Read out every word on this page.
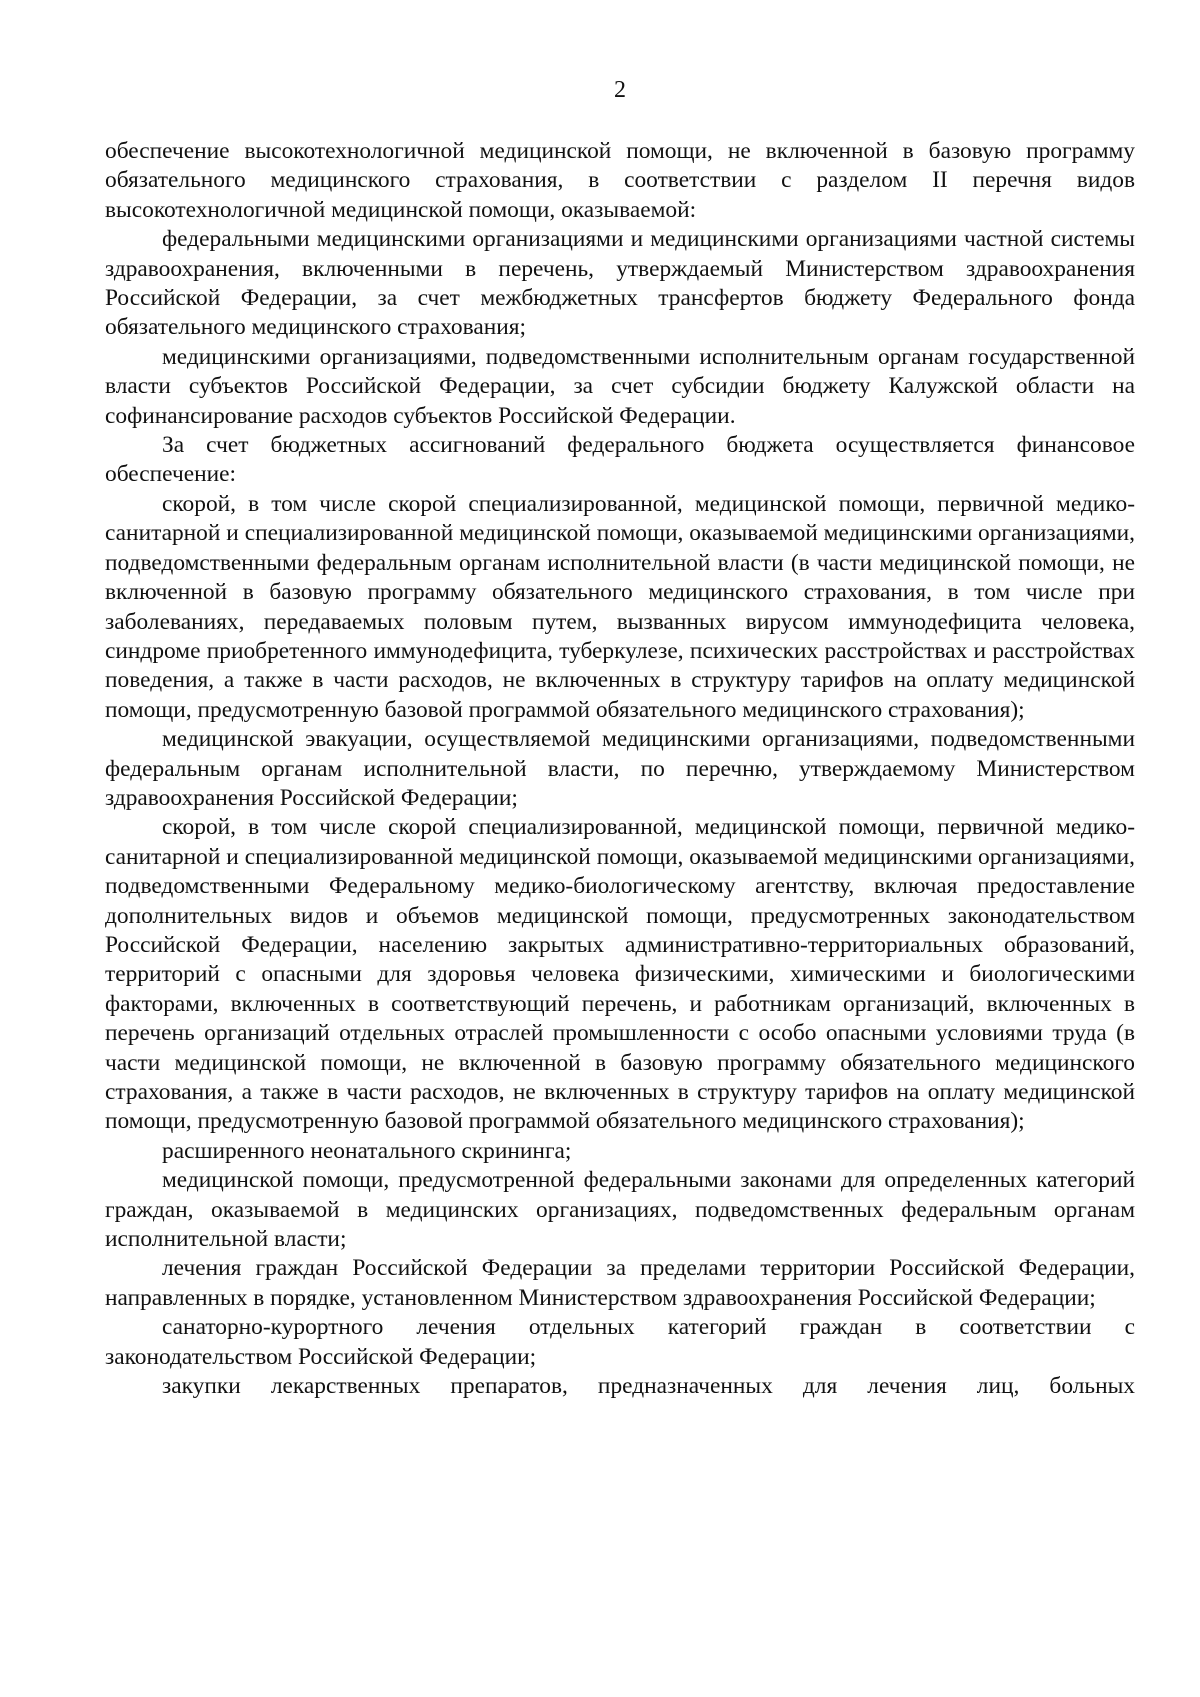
2

обеспечение высокотехнологичной медицинской помощи, не включенной в базовую программу обязательного медицинского страхования, в соответствии с разделом II перечня видов высокотехнологичной медицинской помощи, оказываемой:

федеральными медицинскими организациями и медицинскими организациями частной системы здравоохранения, включенными в перечень, утверждаемый Министерством здравоохранения Российской Федерации, за счет межбюджетных трансфертов бюджету Федерального фонда обязательного медицинского страхования;

медицинскими организациями, подведомственными исполнительным органам государственной власти субъектов Российской Федерации, за счет субсидии бюджету Калужской области на софинансирование расходов субъектов Российской Федерации.

За счет бюджетных ассигнований федерального бюджета осуществляется финансовое обеспечение:

скорой, в том числе скорой специализированной, медицинской помощи, первичной медико-санитарной и специализированной медицинской помощи, оказываемой медицинскими организациями, подведомственными федеральным органам исполнительной власти (в части медицинской помощи, не включенной в базовую программу обязательного медицинского страхования, в том числе при заболеваниях, передаваемых половым путем, вызванных вирусом иммунодефицита человека, синдроме приобретенного иммунодефицита, туберкулезе, психических расстройствах и расстройствах поведения, а также в части расходов, не включенных в структуру тарифов на оплату медицинской помощи, предусмотренную базовой программой обязательного медицинского страхования);

медицинской эвакуации, осуществляемой медицинскими организациями, подведомственными федеральным органам исполнительной власти, по перечню, утверждаемому Министерством здравоохранения Российской Федерации;

скорой, в том числе скорой специализированной, медицинской помощи, первичной медико-санитарной и специализированной медицинской помощи, оказываемой медицинскими организациями, подведомственными Федеральному медико-биологическому агентству, включая предоставление дополнительных видов и объемов медицинской помощи, предусмотренных законодательством Российской Федерации, населению закрытых административно-территориальных образований, территорий с опасными для здоровья человека физическими, химическими и биологическими факторами, включенных в соответствующий перечень, и работникам организаций, включенных в перечень организаций отдельных отраслей промышленности с особо опасными условиями труда (в части медицинской помощи, не включенной в базовую программу обязательного медицинского страхования, а также в части расходов, не включенных в структуру тарифов на оплату медицинской помощи, предусмотренную базовой программой обязательного медицинского страхования);

расширенного неонатального скрининга;

медицинской помощи, предусмотренной федеральными законами для определенных категорий граждан, оказываемой в медицинских организациях, подведомственных федеральным органам исполнительной власти;

лечения граждан Российской Федерации за пределами территории Российской Федерации, направленных в порядке, установленном Министерством здравоохранения Российской Федерации;

санаторно-курортного лечения отдельных категорий граждан в соответствии с законодательством Российской Федерации;

закупки лекарственных препаратов, предназначенных для лечения лиц, больных
